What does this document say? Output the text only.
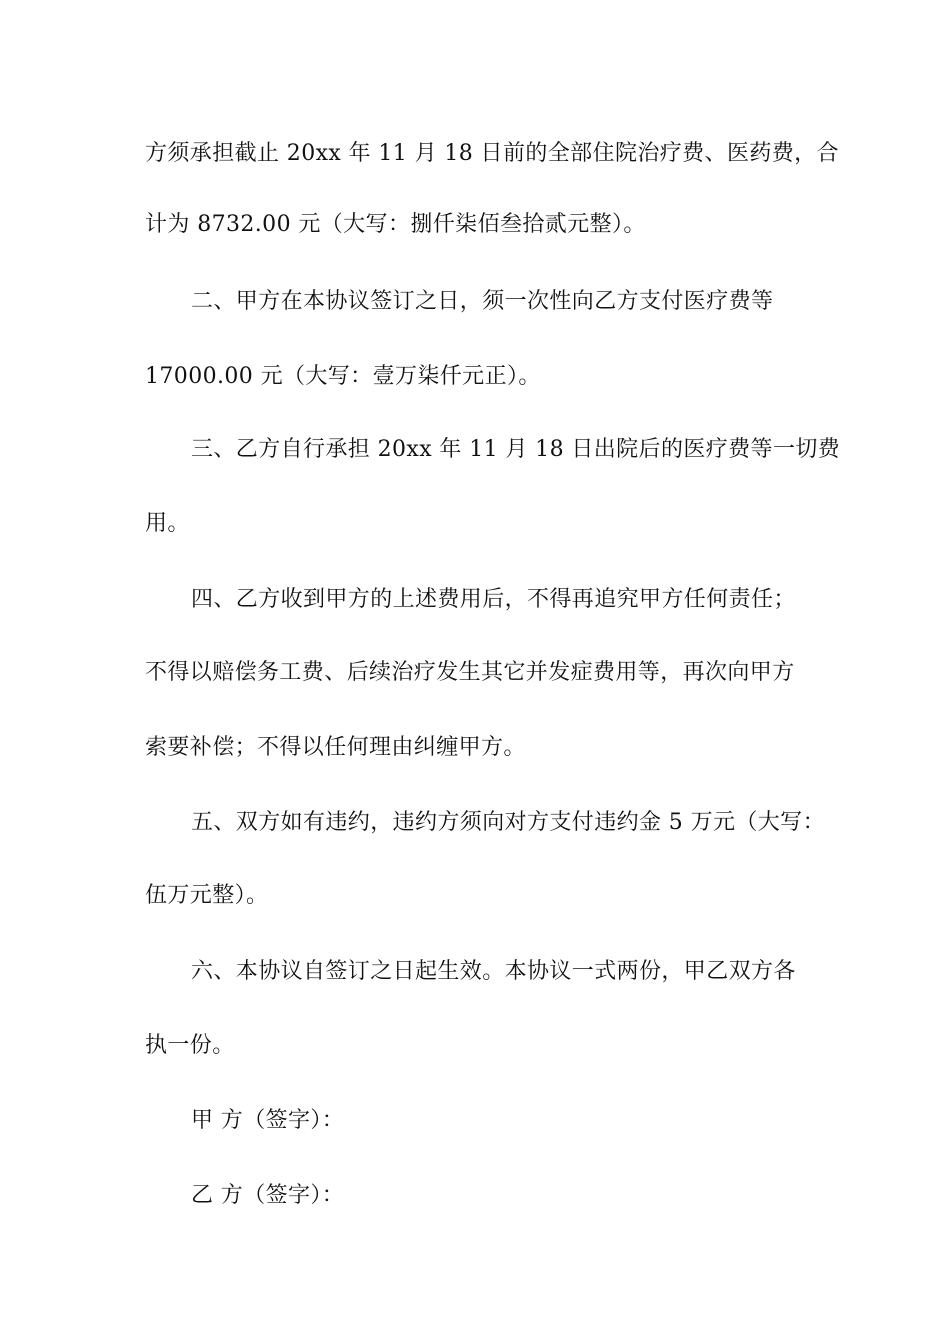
方须承担截止 20xx 年 11 月 18 日前的全部住院治疗费、医药费，合
计为 8732.00 元（大写：捌仟柒佰叁拾贰元整）。
二、甲方在本协议签订之日，须一次性向乙方支付医疗费等
17000.00 元（大写：壹万柒仟元正）。
三、乙方自行承担 20xx 年 11 月 18 日出院后的医疗费等一切费
用。
四、乙方收到甲方的上述费用后，不得再追究甲方任何责任；
不得以赔偿务工费、后续治疗发生其它并发症费用等，再次向甲方
索要补偿；不得以任何理由纠缠甲方。
五、双方如有违约，违约方须向对方支付违约金 5 万元（大写：
伍万元整）。
六、本协议自签订之日起生效。本协议一式两份，甲乙双方各
执一份。
甲 方（签字）：
乙 方（签字）：
